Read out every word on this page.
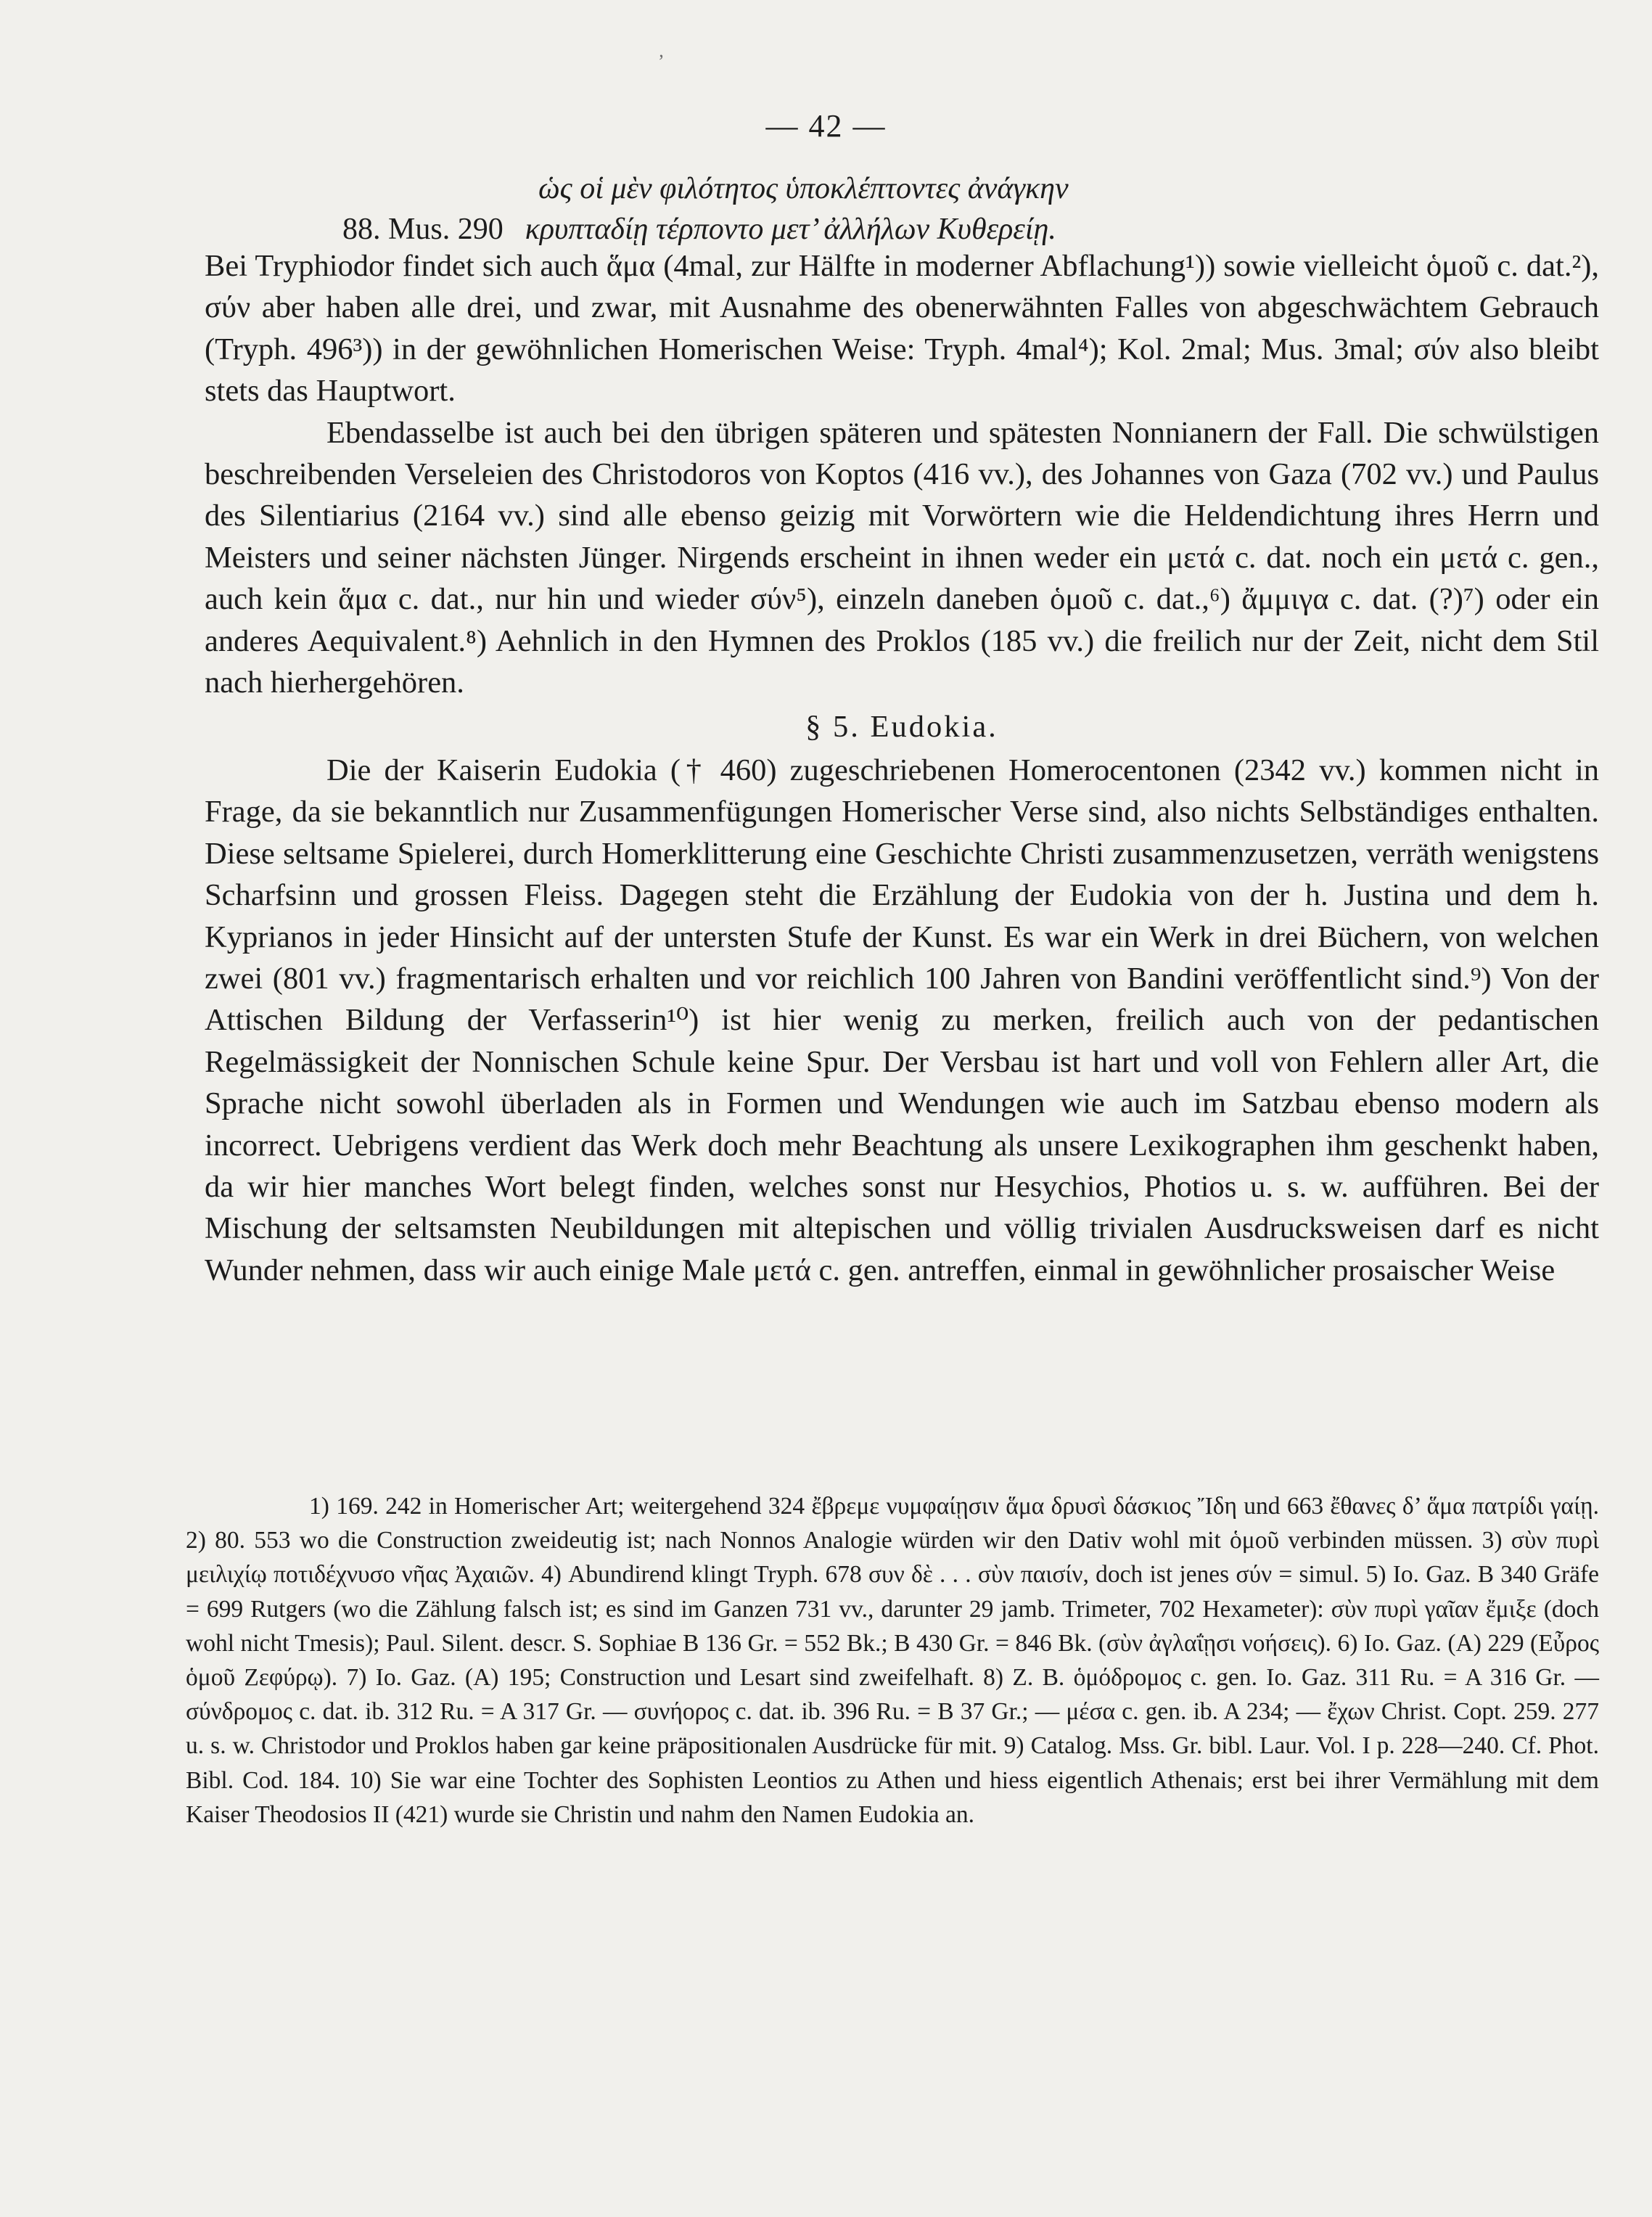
‚
— 42 —
ὡς οἱ μὲν φιλότητος ὑποκλέπτοντες ἀνάγκην
88. Mus. 290 κρυπταδίῃ τέρποντο μετ’ ἀλλήλων Κυθερείῃ.

Bei Tryphiodor findet sich auch ἅμα (4mal, zur Hälfte in moderner Abflachung¹)) sowie vielleicht ὁμοῦ c. dat.²), σύν aber haben alle drei, und zwar, mit Ausnahme des obenerwähnten Falles von abgeschwächtem Gebrauch (Tryph. 496³)) in der gewöhnlichen Homerischen Weise: Tryph. 4mal⁴); Kol. 2mal; Mus. 3mal; σύν also bleibt stets das Hauptwort.

Ebendasselbe ist auch bei den übrigen späteren und spätesten Nonnianern der Fall. Die schwülstigen beschreibenden Verseleien des Christodoros von Koptos (416 vv.), des Johannes von Gaza (702 vv.) und Paulus des Silentiarius (2164 vv.) sind alle ebenso geizig mit Vorwörtern wie die Heldendichtung ihres Herrn und Meisters und seiner nächsten Jünger. Nirgends erscheint in ihnen weder ein μετά c. dat. noch ein μετά c. gen., auch kein ἅμα c. dat., nur hin und wieder σύν⁵), einzeln daneben ὁμοῦ c. dat.,⁶) ἄμμιγα c. dat. (?)⁷) oder ein anderes Aequivalent.⁸) Aehnlich in den Hymnen des Proklos (185 vv.) die freilich nur der Zeit, nicht dem Stil nach hierhergehören.

§ 5. Eudokia.

Die der Kaiserin Eudokia († 460) zugeschriebenen Homerocentonen (2342 vv.) kommen nicht in Frage, da sie bekanntlich nur Zusammenfügungen Homerischer Verse sind, also nichts Selbständiges enthalten. Diese seltsame Spielerei, durch Homerklitterung eine Geschichte Christi zusammenzusetzen, verräth wenigstens Scharfsinn und grossen Fleiss. Dagegen steht die Erzählung der Eudokia von der h. Justina und dem h. Kyprianos in jeder Hinsicht auf der untersten Stufe der Kunst. Es war ein Werk in drei Büchern, von welchen zwei (801 vv.) fragmentarisch erhalten und vor reichlich 100 Jahren von Bandini veröffentlicht sind.⁹) Von der Attischen Bildung der Verfasserin¹⁰) ist hier wenig zu merken, freilich auch von der pedantischen Regelmässigkeit der Nonnischen Schule keine Spur. Der Versbau ist hart und voll von Fehlern aller Art, die Sprache nicht sowohl überladen als in Formen und Wendungen wie auch im Satzbau ebenso modern als incorrect. Uebrigens verdient das Werk doch mehr Beachtung als unsere Lexikographen ihm geschenkt haben, da wir hier manches Wort belegt finden, welches sonst nur Hesychios, Photios u. s. w. aufführen. Bei der Mischung der seltsamsten Neubildungen mit altepischen und völlig trivialen Ausdrucksweisen darf es nicht Wunder nehmen, dass wir auch einige Male μετά c. gen. antreffen, einmal in gewöhnlicher prosaischer Weise

1) 169. 242 in Homerischer Art; weitergehend 324 ἔβρεμε νυμφαίῃσιν ἅμα δρυσὶ δάσκιος Ἴδη und 663 ἔθανες δ’ ἅμα πατρίδι γαίῃ. 2) 80. 553 wo die Construction zweideutig ist; nach Nonnos Analogie würden wir den Dativ wohl mit ὁμοῦ verbinden müssen. 3) σὺν πυρὶ μειλιχίῳ ποτιδέχνυσο νῆας Ἀχαιῶν. 4) Abundirend klingt Tryph. 678 συν δὲ . . . σὺν παισίν, doch ist jenes σύν = simul. 5) Io. Gaz. B 340 Gräfe = 699 Rutgers (wo die Zählung falsch ist; es sind im Ganzen 731 vv., darunter 29 jamb. Trimeter, 702 Hexameter): σὺν πυρὶ γαῖαν ἔμιξε (doch wohl nicht Tmesis); Paul. Silent. descr. S. Sophiae B 136 Gr. = 552 Bk.; B 430 Gr. = 846 Bk. (σὺν ἀγλαΐῃσι νοήσεις). 6) Io. Gaz. (A) 229 (Εὖρος ὁμοῦ Ζεφύρῳ). 7) Io. Gaz. (A) 195; Construction und Lesart sind zweifelhaft. 8) Z. B. ὁμόδρομος c. gen. Io. Gaz. 311 Ru. = A 316 Gr. — σύνδρομος c. dat. ib. 312 Ru. = A 317 Gr. — συνήορος c. dat. ib. 396 Ru. = B 37 Gr.; — μέσα c. gen. ib. A 234; — ἔχων Christ. Copt. 259. 277 u. s. w. Christodor und Proklos haben gar keine präpositionalen Ausdrücke für mit. 9) Catalog. Mss. Gr. bibl. Laur. Vol. I p. 228—240. Cf. Phot. Bibl. Cod. 184. 10) Sie war eine Tochter des Sophisten Leontios zu Athen und hiess eigentlich Athenais; erst bei ihrer Vermählung mit dem Kaiser Theodosios II (421) wurde sie Christin und nahm den Namen Eudokia an.
